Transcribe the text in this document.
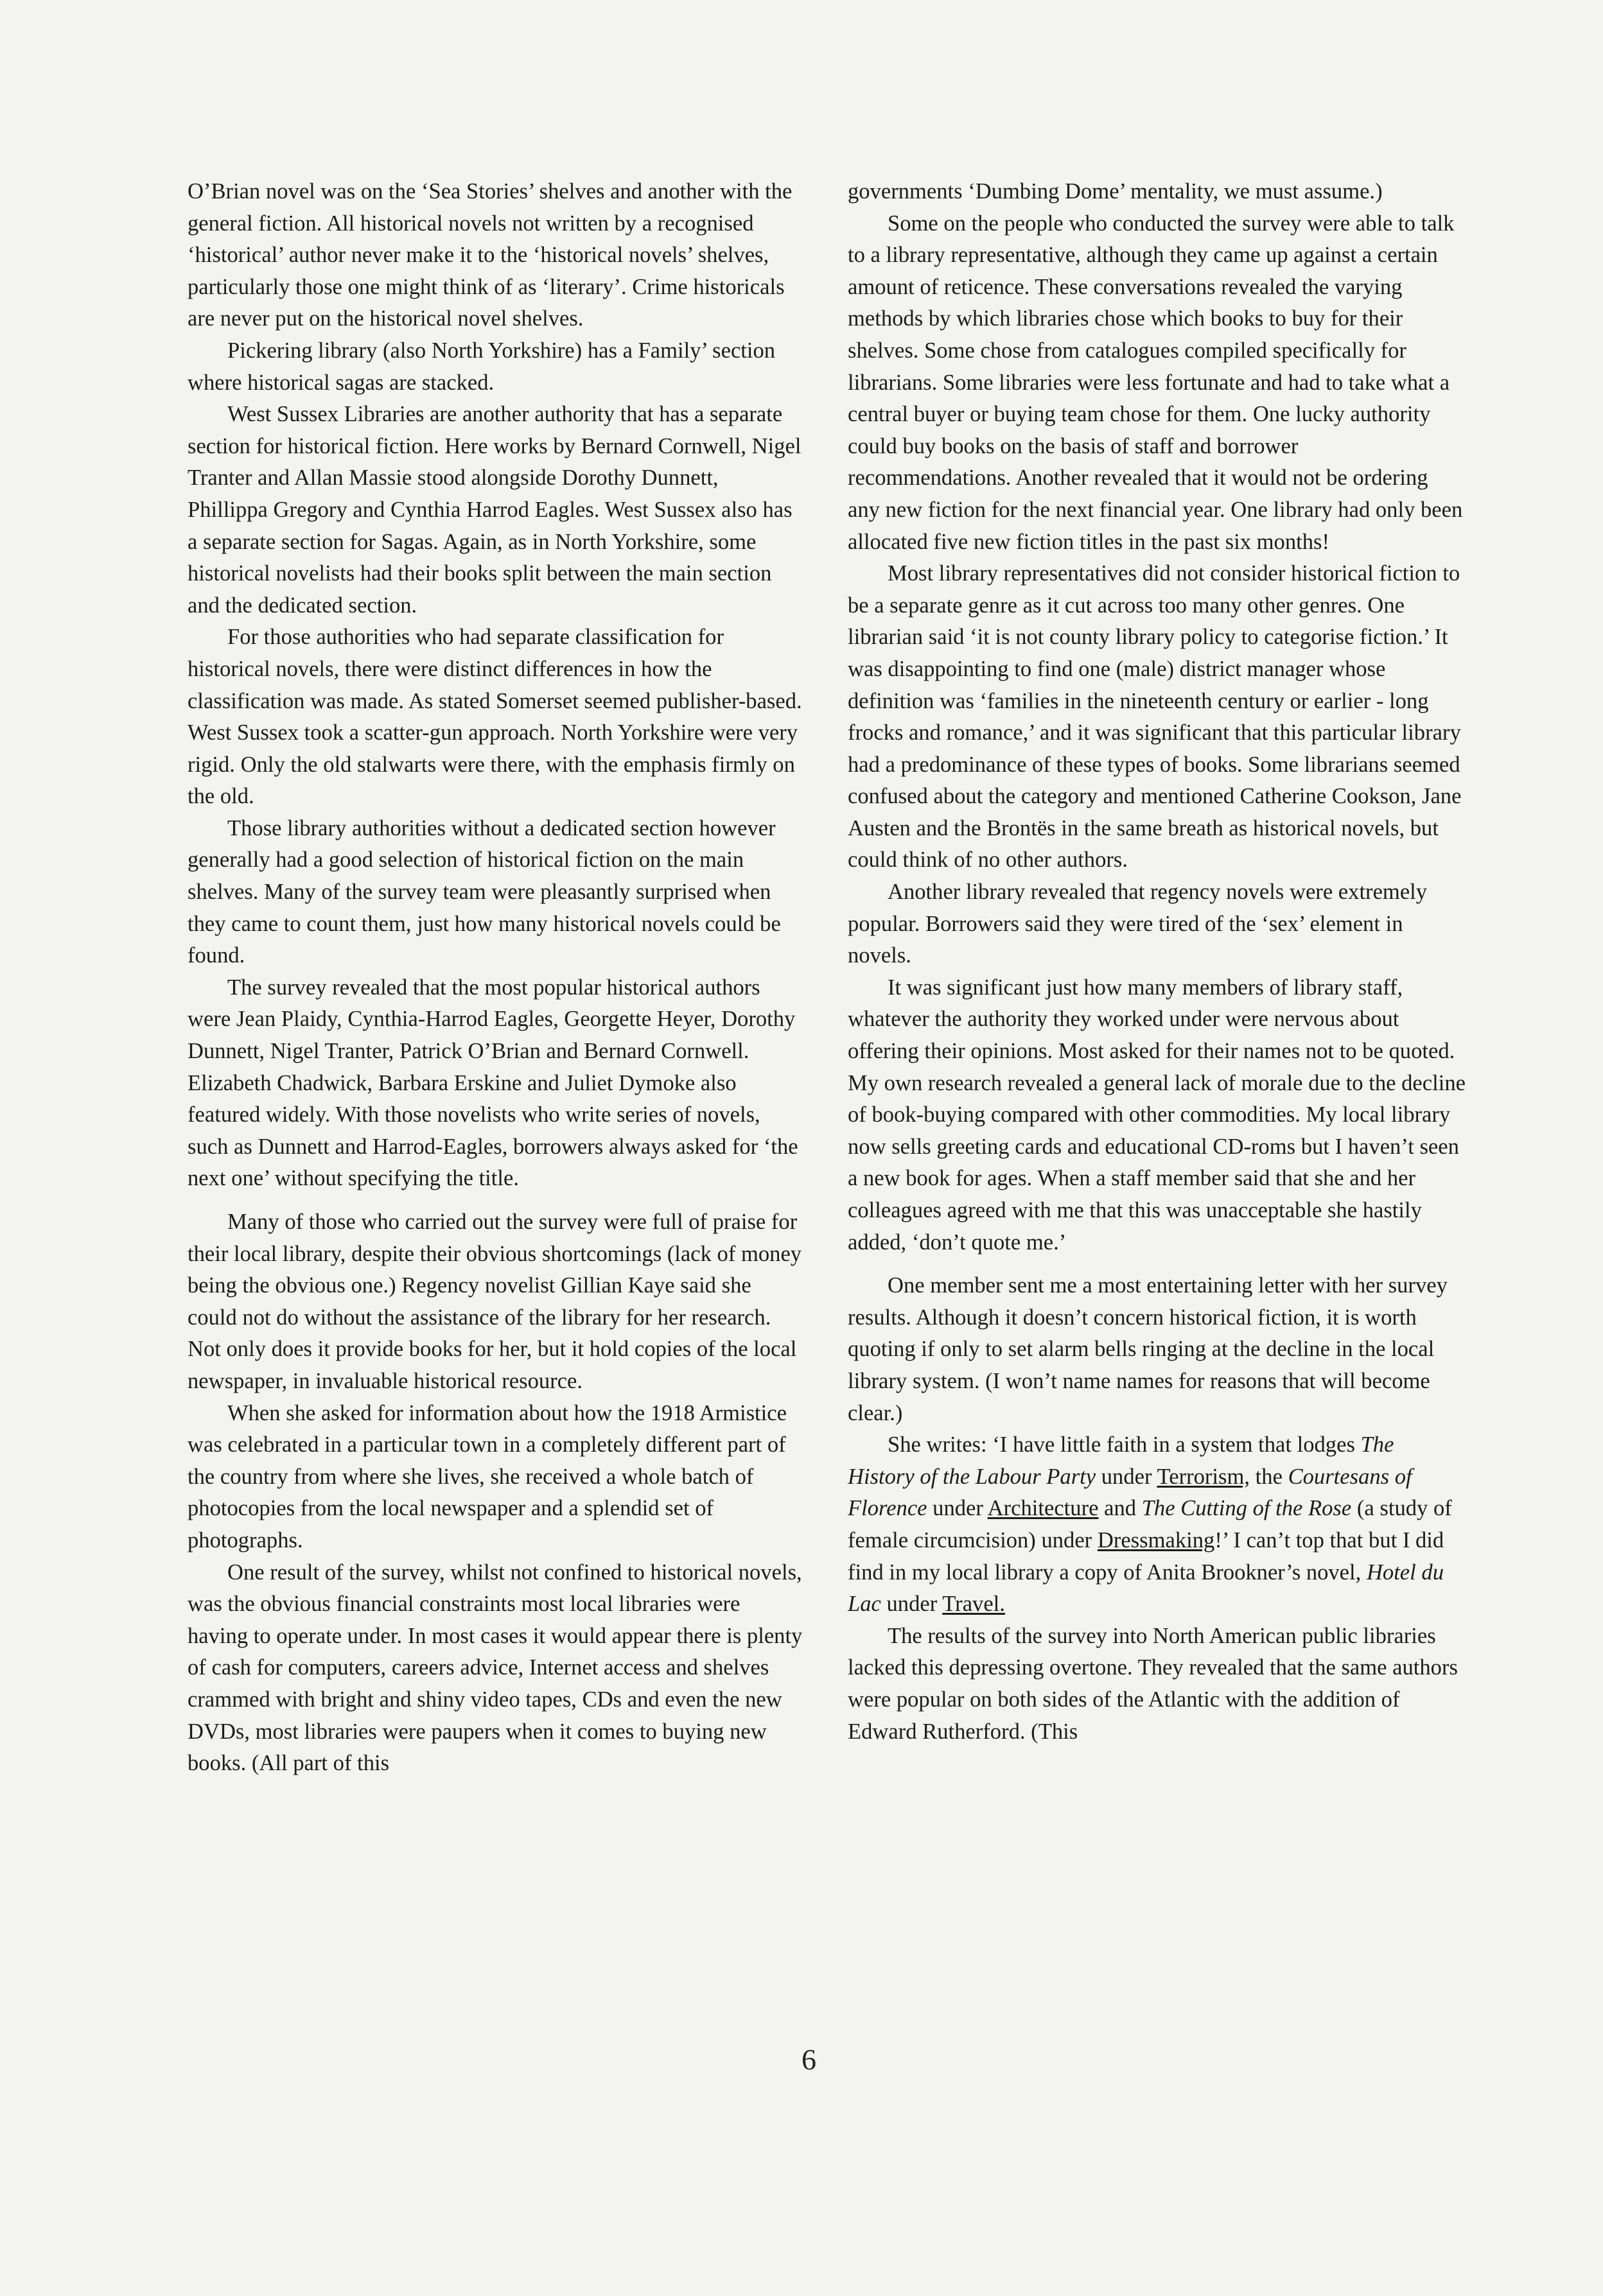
O’Brian novel was on the ‘Sea Stories’ shelves and another with the general fiction. All historical novels not written by a recognised ‘historical’ author never make it to the ‘historical novels’ shelves, particularly those one might think of as ‘literary’. Crime historicals are never put on the historical novel shelves.

Pickering library (also North Yorkshire) has a Family’ section where historical sagas are stacked.

West Sussex Libraries are another authority that has a separate section for historical fiction. Here works by Bernard Cornwell, Nigel Tranter and Allan Massie stood alongside Dorothy Dunnett, Phillippa Gregory and Cynthia Harrod Eagles. West Sussex also has a separate section for Sagas. Again, as in North Yorkshire, some historical novelists had their books split between the main section and the dedicated section.

For those authorities who had separate classification for historical novels, there were distinct differences in how the classification was made. As stated Somerset seemed publisher-based. West Sussex took a scatter-gun approach. North Yorkshire were very rigid. Only the old stalwarts were there, with the emphasis firmly on the old.

Those library authorities without a dedicated section however generally had a good selection of historical fiction on the main shelves. Many of the survey team were pleasantly surprised when they came to count them, just how many historical novels could be found.

The survey revealed that the most popular historical authors were Jean Plaidy, Cynthia-Harrod Eagles, Georgette Heyer, Dorothy Dunnett, Nigel Tranter, Patrick O’Brian and Bernard Cornwell. Elizabeth Chadwick, Barbara Erskine and Juliet Dymoke also featured widely. With those novelists who write series of novels, such as Dunnett and Harrod-Eagles, borrowers always asked for ‘the next one’ without specifying the title.

Many of those who carried out the survey were full of praise for their local library, despite their obvious shortcomings (lack of money being the obvious one.) Regency novelist Gillian Kaye said she could not do without the assistance of the library for her research. Not only does it provide books for her, but it hold copies of the local newspaper, in invaluable historical resource.

When she asked for information about how the 1918 Armistice was celebrated in a particular town in a completely different part of the country from where she lives, she received a whole batch of photocopies from the local newspaper and a splendid set of photographs.

One result of the survey, whilst not confined to historical novels, was the obvious financial constraints most local libraries were having to operate under. In most cases it would appear there is plenty of cash for computers, careers advice, Internet access and shelves crammed with bright and shiny video tapes, CDs and even the new DVDs, most libraries were paupers when it comes to buying new books. (All part of this

governments ‘Dumbing Dome’ mentality, we must assume.)

Some on the people who conducted the survey were able to talk to a library representative, although they came up against a certain amount of reticence. These conversations revealed the varying methods by which libraries chose which books to buy for their shelves. Some chose from catalogues compiled specifically for librarians. Some libraries were less fortunate and had to take what a central buyer or buying team chose for them. One lucky authority could buy books on the basis of staff and borrower recommendations. Another revealed that it would not be ordering any new fiction for the next financial year. One library had only been allocated five new fiction titles in the past six months!

Most library representatives did not consider historical fiction to be a separate genre as it cut across too many other genres. One librarian said ‘it is not county library policy to categorise fiction.’ It was disappointing to find one (male) district manager whose definition was ‘families in the nineteenth century or earlier - long frocks and romance,’ and it was significant that this particular library had a predominance of these types of books. Some librarians seemed confused about the category and mentioned Catherine Cookson, Jane Austen and the Brontës in the same breath as historical novels, but could think of no other authors.

Another library revealed that regency novels were extremely popular. Borrowers said they were tired of the ‘sex’ element in novels.

It was significant just how many members of library staff, whatever the authority they worked under were nervous about offering their opinions. Most asked for their names not to be quoted. My own research revealed a general lack of morale due to the decline of book-buying compared with other commodities. My local library now sells greeting cards and educational CD-roms but I haven’t seen a new book for ages. When a staff member said that she and her colleagues agreed with me that this was unacceptable she hastily added, ‘don’t quote me.’

One member sent me a most entertaining letter with her survey results. Although it doesn’t concern historical fiction, it is worth quoting if only to set alarm bells ringing at the decline in the local library system. (I won’t name names for reasons that will become clear.)

She writes: ‘I have little faith in a system that lodges The History of the Labour Party under Terrorism, the Courtesans of Florence under Architecture and The Cutting of the Rose (a study of female circumcision) under Dressmaking!’ I can’t top that but I did find in my local library a copy of Anita Brookner’s novel, Hotel du Lac under Travel.

The results of the survey into North American public libraries lacked this depressing overtone. They revealed that the same authors were popular on both sides of the Atlantic with the addition of Edward Rutherford. (This

6
